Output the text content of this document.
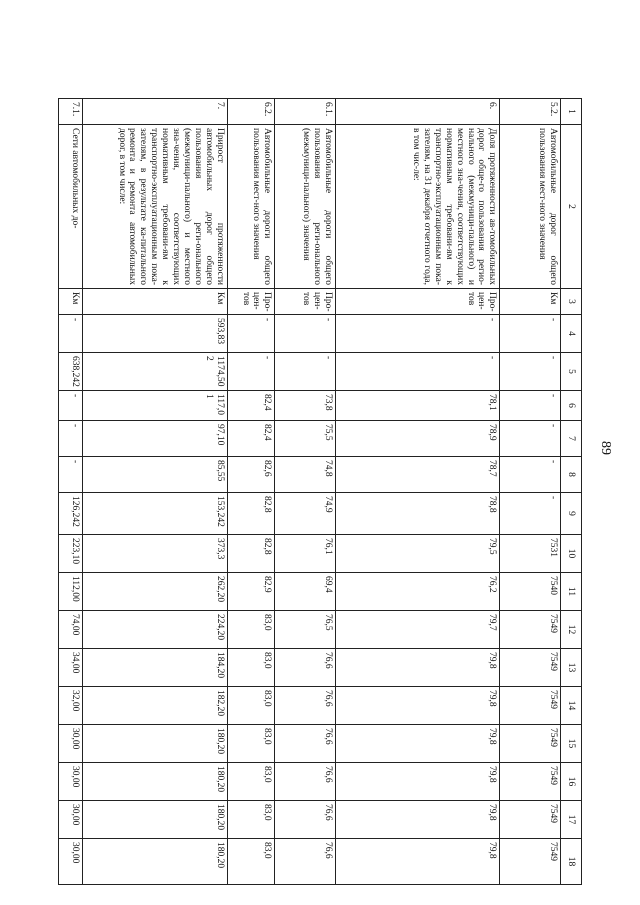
89
1	2	3	4	5	6	7	8	9	10	11	12	13	14	15	16	17	18
5.2.	Автомобильные дорог общего пользования мест-ного значения	Км	-	-	-	-	-	-	7531	7540	7549	7549	7549	7549	7549	7549	7549
6.	Доля протяженности ав-томобильных дорог обще-го пользования регио-нального (межмуници-пального) и местного зна-чения, соответствующих нормативным требовани-ям к транспортно-эксплуатационным пока-зателям, на 31 декабря отчетного года, в том чис-ле:	Про-цен-тов	-	-	78,1	78,9	78,7	78,8	79,5	76,2	79,7	79,8	79,8	79,8	79,8	79,8	79,8
6.1.	Автомобильные дороги общего пользования реги-онального (межмуници-пального) значения	Про-цен-тов	-	-	73,8	75,5	74,8	74,9	76,1	69,4	76,5	76,6	76,6	76,6	76,6	76,6	76,6
6.2.	Автомобильные дороги общего пользования мест-ного значения	Про-цен-тов	-	-	82,4	82,4	82,6	82,8	82,8	82,9	83,0	83,0	83,0	83,0	83,0	83,0	83,0
7.	Прирост протяженности автомобильных дорог общего пользования реги-онального (межмуници-пального) и местного зна-чения, соответствующих нормативным требовани-ям к транспортно-эксплуатационным пока-зателям, в результате ка-питального ремонта и ремонта автомобильных дорог, в том числе:	Км	593,83	1174,50 2	117,0 1	97,10	85,55	153,242	373,3	262,20	224,20	184,20	182,20	180,20	180,20	180,20	180,20
7.1.	Сети автомобильных до-	Км	-	638,242	-	-	-	126,242	223,10	112,00	74,00	34,00	32,00	30,00	30,00	30,00	30,00
